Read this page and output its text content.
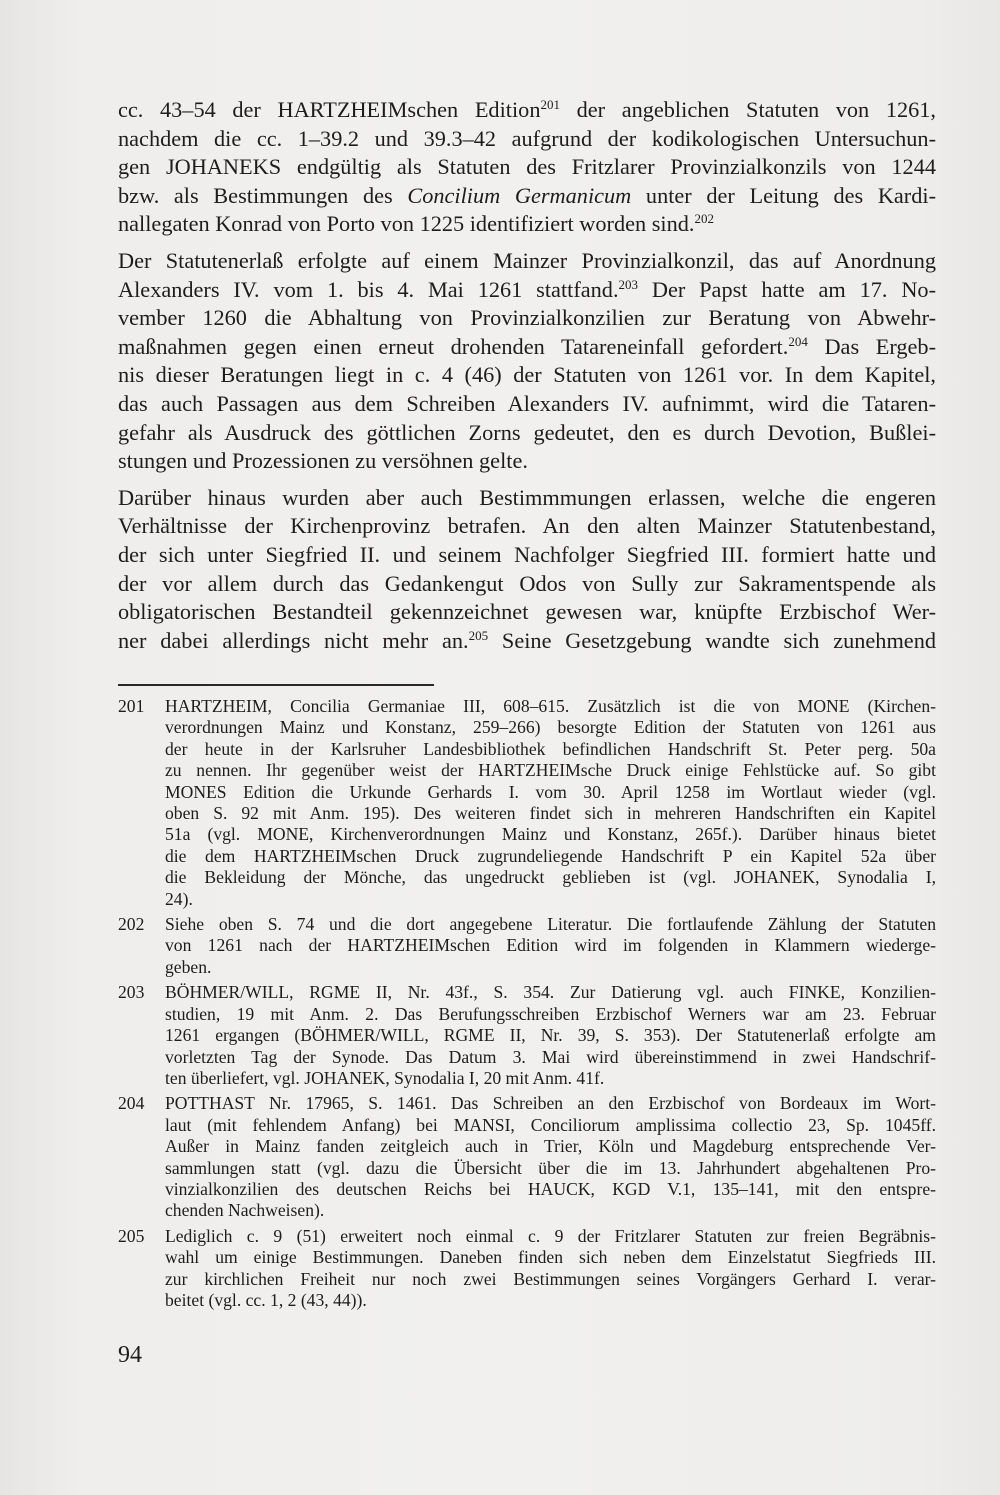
cc. 43–54 der HARTZHEIMschen Edition$^{201}$ der angeblichen Statuten von 1261,
nachdem die cc. 1–39.2 und 39.3–42 aufgrund der kodikologischen Untersuchun-
gen JOHANEKS endgültig als Statuten des Fritzlarer Provinzialkonzils von 1244
bzw. als Bestimmungen des Concilium Germanicum unter der Leitung des Kardi-
nallegaten Konrad von Porto von 1225 identifiziert worden sind.$^{202}$

Der Statutenerlaß erfolgte auf einem Mainzer Provinzialkonzil, das auf Anordnung
Alexanders IV. vom 1. bis 4. Mai 1261 stattfand.$^{203}$ Der Papst hatte am 17. No-
vember 1260 die Abhaltung von Provinzialkonzilien zur Beratung von Abwehr-
maßnahmen gegen einen erneut drohenden Tatareneinfall gefordert.$^{204}$ Das Ergeb-
nis dieser Beratungen liegt in c. 4 (46) der Statuten von 1261 vor. In dem Kapitel,
das auch Passagen aus dem Schreiben Alexanders IV. aufnimmt, wird die Tataren-
gefahr als Ausdruck des göttlichen Zorns gedeutet, den es durch Devotion, Bußlei-
stungen und Prozessionen zu versöhnen gelte.

Darüber hinaus wurden aber auch Bestimmmungen erlassen, welche die engeren
Verhältnisse der Kirchenprovinz betrafen. An den alten Mainzer Statutenbestand,
der sich unter Siegfried II. und seinem Nachfolger Siegfried III. formiert hatte und
der vor allem durch das Gedankengut Odos von Sully zur Sakramentspende als
obligatorischen Bestandteil gekennzeichnet gewesen war, knüpfte Erzbischof Wer-
ner dabei allerdings nicht mehr an.$^{205}$ Seine Gesetzgebung wandte sich zunehmend

201	HARTZHEIM, Concilia Germaniae III, 608–615. Zusätzlich ist die von MONE (Kirchen-
verordnungen Mainz und Konstanz, 259–266) besorgte Edition der Statuten von 1261 aus
der heute in der Karlsruher Landesbibliothek befindlichen Handschrift St. Peter perg. 50a
zu nennen. Ihr gegenüber weist der HARTZHEIMsche Druck einige Fehlstücke auf. So gibt
MONES Edition die Urkunde Gerhards I. vom 30. April 1258 im Wortlaut wieder (vgl.
oben S. 92 mit Anm. 195). Des weiteren findet sich in mehreren Handschriften ein Kapitel
51a (vgl. MONE, Kirchenverordnungen Mainz und Konstanz, 265f.). Darüber hinaus bietet
die dem HARTZHEIMschen Druck zugrundeliegende Handschrift P ein Kapitel 52a über
die Bekleidung der Mönche, das ungedruckt geblieben ist (vgl. JOHANEK, Synodalia I,
24).
202	Siehe oben S. 74 und die dort angegebene Literatur. Die fortlaufende Zählung der Statuten
von 1261 nach der HARTZHEIMschen Edition wird im folgenden in Klammern wiederge-
geben.
203	BÖHMER/WILL, RGME II, Nr. 43f., S. 354. Zur Datierung vgl. auch FINKE, Konzilien-
studien, 19 mit Anm. 2. Das Berufungsschreiben Erzbischof Werners war am 23. Februar
1261 ergangen (BÖHMER/WILL, RGME II, Nr. 39, S. 353). Der Statutenerlaß erfolgte am
vorletzten Tag der Synode. Das Datum 3. Mai wird übereinstimmend in zwei Handschrif-
ten überliefert, vgl. JOHANEK, Synodalia I, 20 mit Anm. 41f.
204	POTTHAST Nr. 17965, S. 1461. Das Schreiben an den Erzbischof von Bordeaux im Wort-
laut (mit fehlendem Anfang) bei MANSI, Conciliorum amplissima collectio 23, Sp. 1045ff.
Außer in Mainz fanden zeitgleich auch in Trier, Köln und Magdeburg entsprechende Ver-
sammlungen statt (vgl. dazu die Übersicht über die im 13. Jahrhundert abgehaltenen Pro-
vinzialkonzilien des deutschen Reichs bei HAUCK, KGD V.1, 135–141, mit den entspre-
chenden Nachweisen).
205	Lediglich c. 9 (51) erweitert noch einmal c. 9 der Fritzlarer Statuten zur freien Begräbnis-
wahl um einige Bestimmungen. Daneben finden sich neben dem Einzelstatut Siegfrieds III.
zur kirchlichen Freiheit nur noch zwei Bestimmungen seines Vorgängers Gerhard I. verar-
beitet (vgl. cc. 1, 2 (43, 44)).
94
